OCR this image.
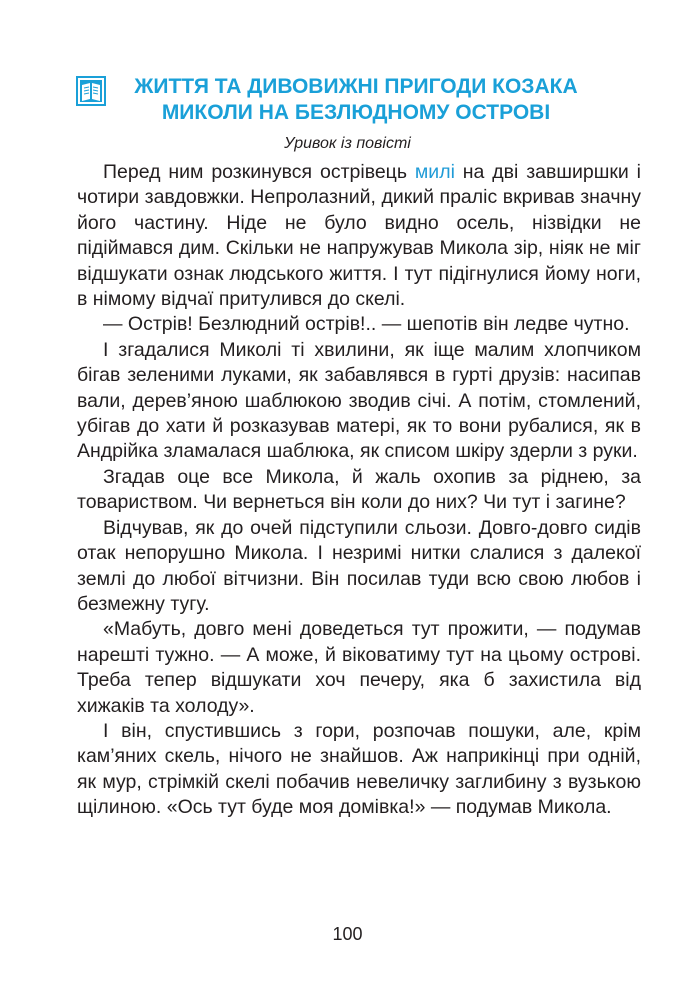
ЖИТТЯ ТА ДИВОВИЖНІ ПРИГОДИ КОЗАКА
МИКОЛИ НА БЕЗЛЮДНОМУ ОСТРОВІ
Уривок із повісті

Перед ним розкинувся острівець милі на дві завширшки і чотири завдовжки. Непролазний, дикий праліс вкривав значну його частину. Ніде не було видно осель, нізвідки не підіймався дим. Скільки не напружував Микола зір, ніяк не міг відшукати ознак людського життя. І тут підігнулися йому ноги, в німому відчаї притулився до скелі.

— Острів! Безлюдний острів!.. — шепотів він ледве чутно.

І згадалися Миколі ті хвилини, як іще малим хлопчиком бігав зеленими луками, як забавлявся в гурті друзів: насипав вали, дерев’яною шаблюкою зводив січі. А потім, стомлений, убігав до хати й розказував матері, як то вони рубалися, як в Андрійка зламалася шаблюка, як списом шкіру здерли з руки.

Згадав оце все Микола, й жаль охопив за ріднею, за товариством. Чи вернеться він коли до них? Чи тут і загине?

Відчував, як до очей підступили сльози. Довго-довго сидів отак непорушно Микола. І незримі нитки слалися з далекої землі до любої вітчизни. Він посилав туди всю свою любов і безмежну тугу.

«Мабуть, довго мені доведеться тут прожити, — подумав нарешті тужно. — А може, й віковатиму тут на цьому острові. Треба тепер відшукати хоч печеру, яка б захистила від хижаків та холоду».

І він, спустившись з гори, розпочав пошуки, але, крім кам’яних скель, нічого не знайшов. Аж наприкінці при одній, як мур, стрімкій скелі побачив невеличку заглибину з вузькою щілиною. «Ось тут буде моя домівка!» — подумав Микола.

100
